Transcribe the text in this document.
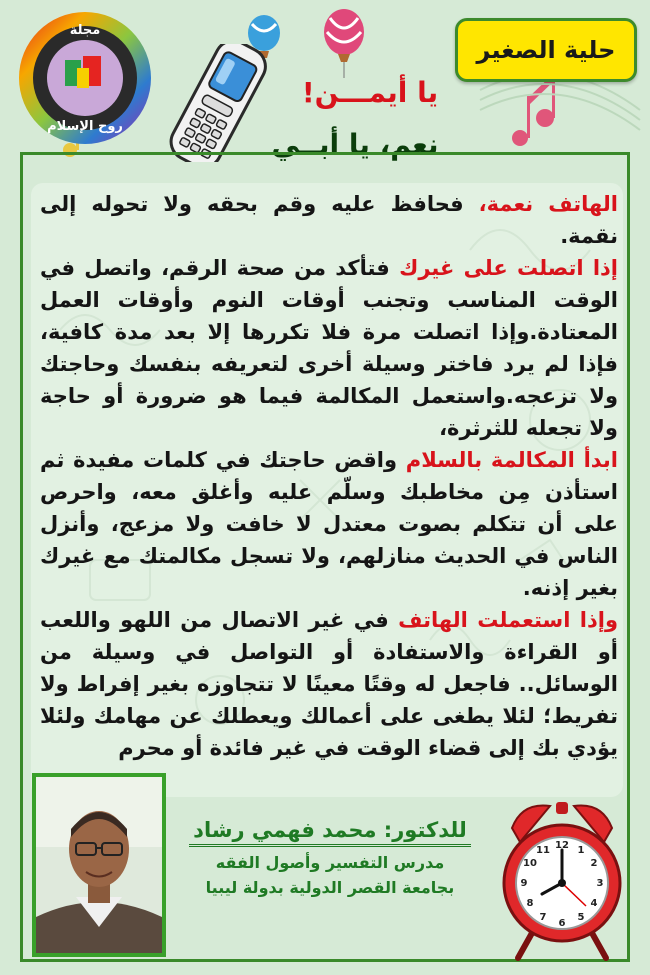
مجلة
روح الإسلام
حلية الصغير
يا أيمـــن!
نعم، يا أبــي

الهاتف نعمة، فحافظ عليه وقم بحقه ولا تحوله إلى نقمة.

إذا اتصلت على غيرك فتأكد من صحة الرقم، واتصل في الوقت المناسب وتجنب أوقات النوم وأوقات العمل المعتادة.وإذا اتصلت مرة فلا تكررها إلا بعد مدة كافية، فإذا لم يرد فاختر وسيلة أخرى لتعريفه بنفسك وحاجتك ولا تزعجه.واستعمل المكالمة فيما هو ضرورة أو حاجة ولا تجعله للثرثرة،

ابدأ المكالمة بالسلام واقض حاجتك في كلمات مفيدة ثم استأذن مِن مخاطبك وسلّم عليه وأغلق معه، واحرص على أن تتكلم بصوت معتدل لا خافت ولا مزعج، وأنزل الناس في الحديث منازلهم، ولا تسجل مكالمتك مع غيرك بغير إذنه.

وإذا استعملت الهاتف في غير الاتصال من اللهو واللعب أو القراءة والاستفادة أو التواصل في وسيلة من الوسائل.. فاجعل له وقتًا معينًا لا تتجاوزه بغير إفراط ولا تفريط؛ لئلا يطغى على أعمالك ويعطلك عن مهامك ولئلا يؤدي بك إلى قضاء الوقت في غير فائدة أو محرم

للدكتور: محمد فهمي رشاد
مدرس التفسير وأصول الفقه
بجامعة القصر الدولية بدولة ليبيا
12 1
2
3
4
5
6
7
8
9
10
11
